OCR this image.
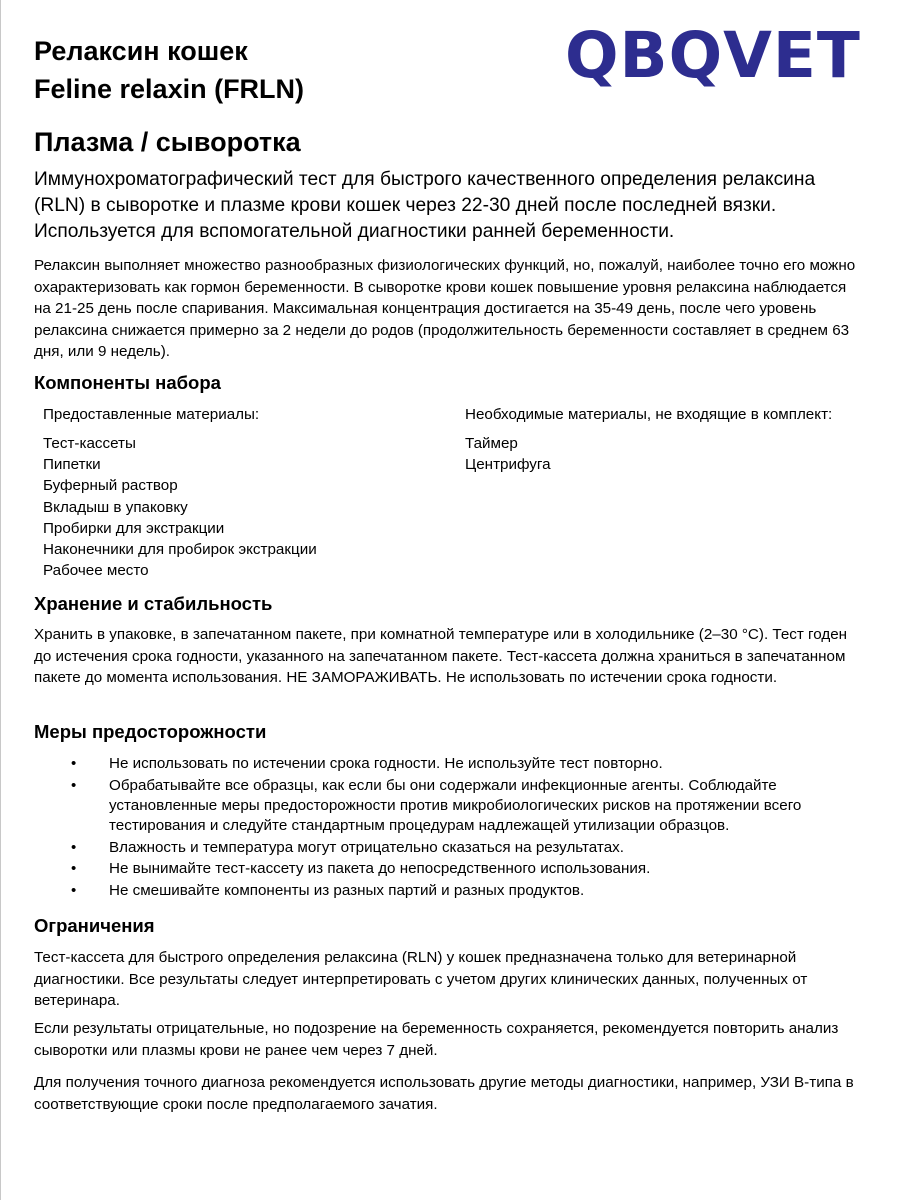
Релаксин кошек
Feline relaxin (FRLN)
Плазма / сыворотка
QBQVET
Иммунохроматографический тест для быстрого качественного определения релаксина (RLN) в сыворотке и плазме крови кошек через 22-30 дней после последней вязки. Используется для вспомогательной диагностики ранней беременности.
Релаксин выполняет множество разнообразных физиологических функций, но, пожалуй, наиболее точно его можно охарактеризовать как гормон беременности. В сыворотке крови кошек повышение уровня релаксина наблюдается на 21-25 день после спаривания. Максимальная концентрация достигается на 35-49 день, после чего уровень релаксина снижается примерно за 2 недели до родов (продолжительность беременности составляет в среднем 63 дня, или 9 недель).
Компоненты набора
Предоставленные материалы:
Тест-кассеты
Пипетки
Буферный раствор
Вкладыш в упаковку
Пробирки для экстракции
Наконечники для пробирок экстракции
Рабочее место
Необходимые материалы, не входящие в комплект:
Таймер
Центрифуга
Хранение и стабильность
Хранить в упаковке, в запечатанном пакете, при комнатной температуре или в холодильнике (2–30 °C). Тест годен до истечения срока годности, указанного на запечатанном пакете. Тест-кассета должна храниться в запечатанном пакете до момента использования. НЕ ЗАМОРАЖИВАТЬ. Не использовать по истечении срока годности.
Меры предосторожности
• Не использовать по истечении срока годности. Не используйте тест повторно.
• Обрабатывайте все образцы, как если бы они содержали инфекционные агенты. Соблюдайте установленные меры предосторожности против микробиологических рисков на протяжении всего тестирования и следуйте стандартным процедурам надлежащей утилизации образцов.
• Влажность и температура могут отрицательно сказаться на результатах.
• Не вынимайте тест-кассету из пакета до непосредственного использования.
• Не смешивайте компоненты из разных партий и разных продуктов.
Ограничения
Тест-кассета для быстрого определения релаксина (RLN) у кошек предназначена только для ветеринарной диагностики. Все результаты следует интерпретировать с учетом других клинических данных, полученных от ветеринара.
Если результаты отрицательные, но подозрение на беременность сохраняется, рекомендуется повторить анализ сыворотки или плазмы крови не ранее чем через 7 дней.
Для получения точного диагноза рекомендуется использовать другие методы диагностики, например, УЗИ B-типа в соответствующие сроки после предполагаемого зачатия.
